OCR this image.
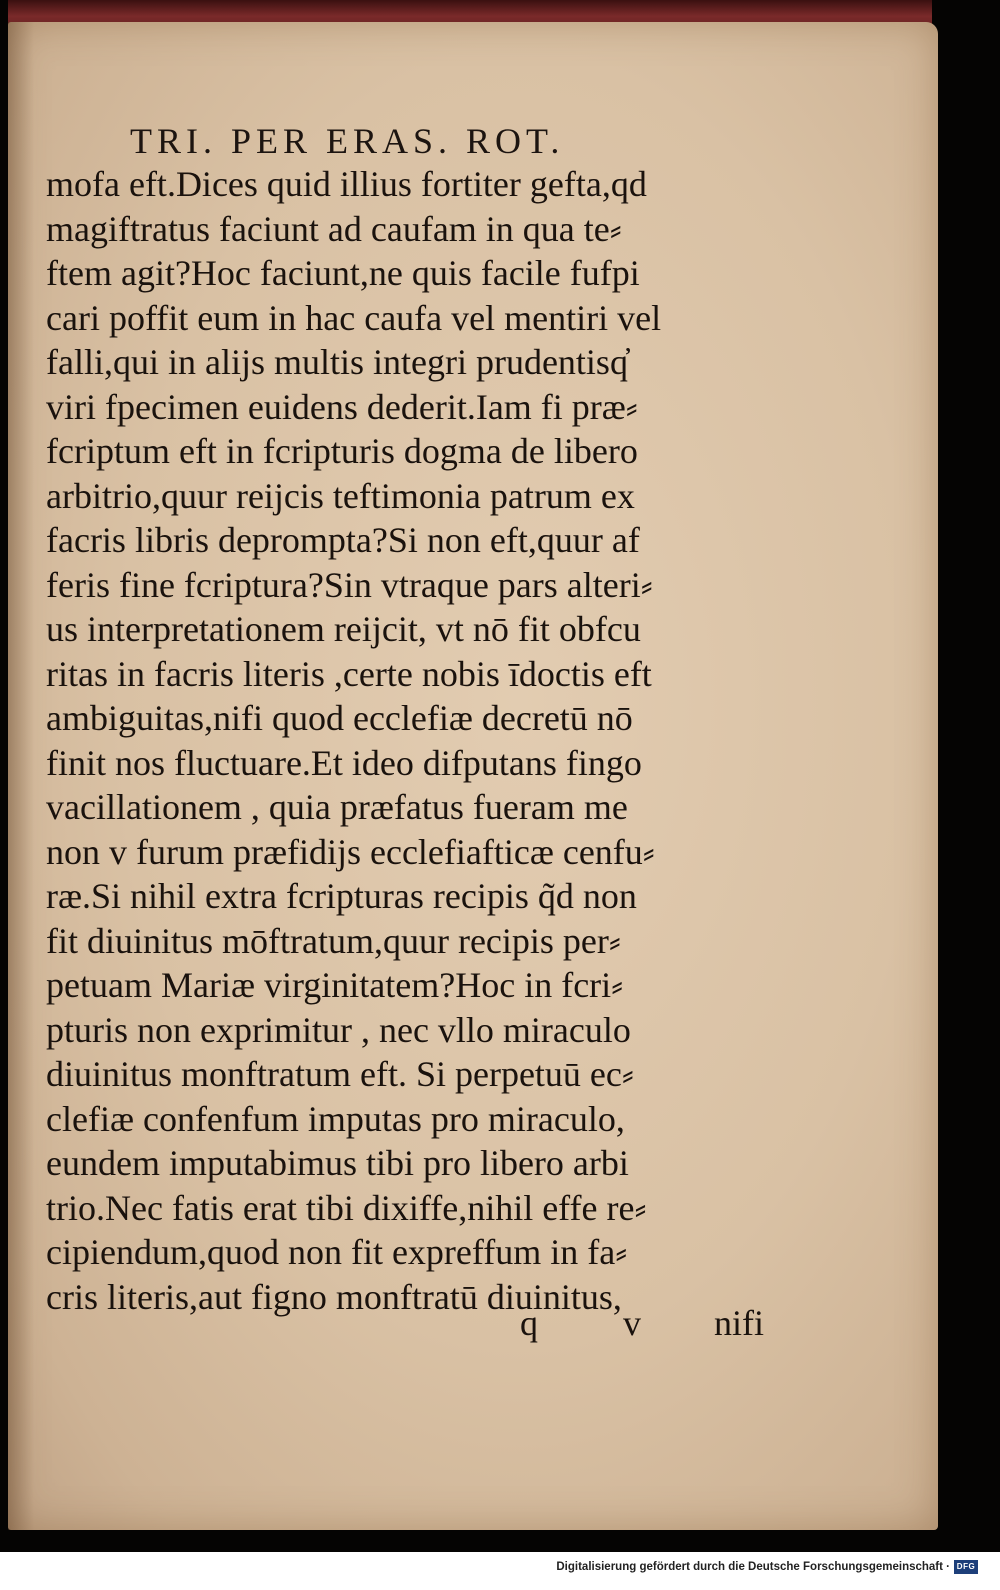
TRI. PER ERAS. ROT.
mofa eft.Dices quid illius fortiter gefta,qd
magiftratus faciunt ad caufam in qua te⸗
ftem agit?Hoc faciunt,ne quis facile fufpi
cari poffit eum in hac caufa vel mentiri vel
falli,qui in alijs multis integri prudentisq̓
viri fpecimen euidens dederit.Iam fi præ⸗
fcriptum eft in fcripturis dogma de libero
arbitrio,quur reijcis teftimonia patrum ex
facris libris deprompta?Si non eft,quur af
feris fine fcriptura?Sin vtraque pars alteri⸗
us interpretationem reijcit, vt nō fit obfcu
ritas in facris literis ,certe nobis īdoctis eft
ambiguitas,nifi quod ecclefiæ decretū nō
finit nos fluctuare.Et ideo difputans fingo
vacillationem , quia præfatus fueram me
non v furum præfidijs ecclefiafticæ cenfu⸗
ræ.Si nihil extra fcripturas recipis q̃d non
fit diuinitus mōftratum,quur recipis per⸗
petuam Mariæ virginitatem?Hoc in fcri⸗
pturis non exprimitur , nec vllo miraculo
diuinitus monftratum eft. Si perpetuū ec⸗
clefiæ confenfum imputas pro miraculo,
eundem imputabimus tibi pro libero arbi
trio.Nec fatis erat tibi dixiffe,nihil effe re⸗
cipiendum,quod non fit expreffum in fa⸗
cris literis,aut figno monftratū diuinitus,
q v nifi
Digitalisierung gefördert durch die Deutsche Forschungsgemeinschaft · DFG
